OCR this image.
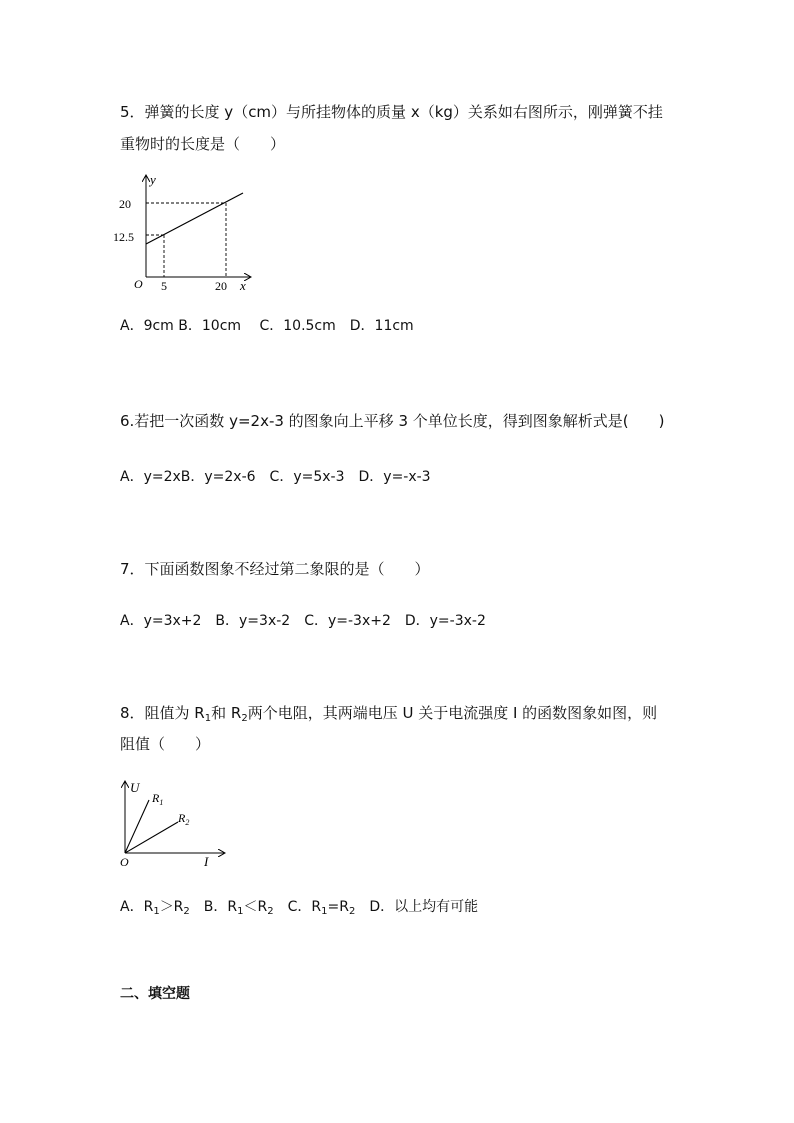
5．弹簧的长度 y（cm）与所挂物体的质量 x（kg）关系如右图所示，刚弹簧不挂
重物时的长度是（　　）
y
20
12.5
O 5	20 x
A．9cm B．10cm　 C．10.5cm　D．11cm
6.若把一次函数 y=2x-3 的图象向上平移 3 个单位长度，得到图象解析式是(　　)
A．y=2xB．y=2x-6　C．y=5x-3　D．y=-x-3
7．下面函数图象不经过第二象限的是（　　）
A．y=3x+2　B．y=3x-2　C．y=-3x+2　D．y=-3x-2
8．阻值为 $R_1$和 $R_2$两个电阻，其两端电压 U 关于电流强度 I 的函数图象如图，则
阻值（　　）
U
$R_1$
$R_2$
O	I
A．$R_1>R_2$　B．$R_1<R_2$　C．$R_1=R_2$　D．以上均有可能
二、填空题
